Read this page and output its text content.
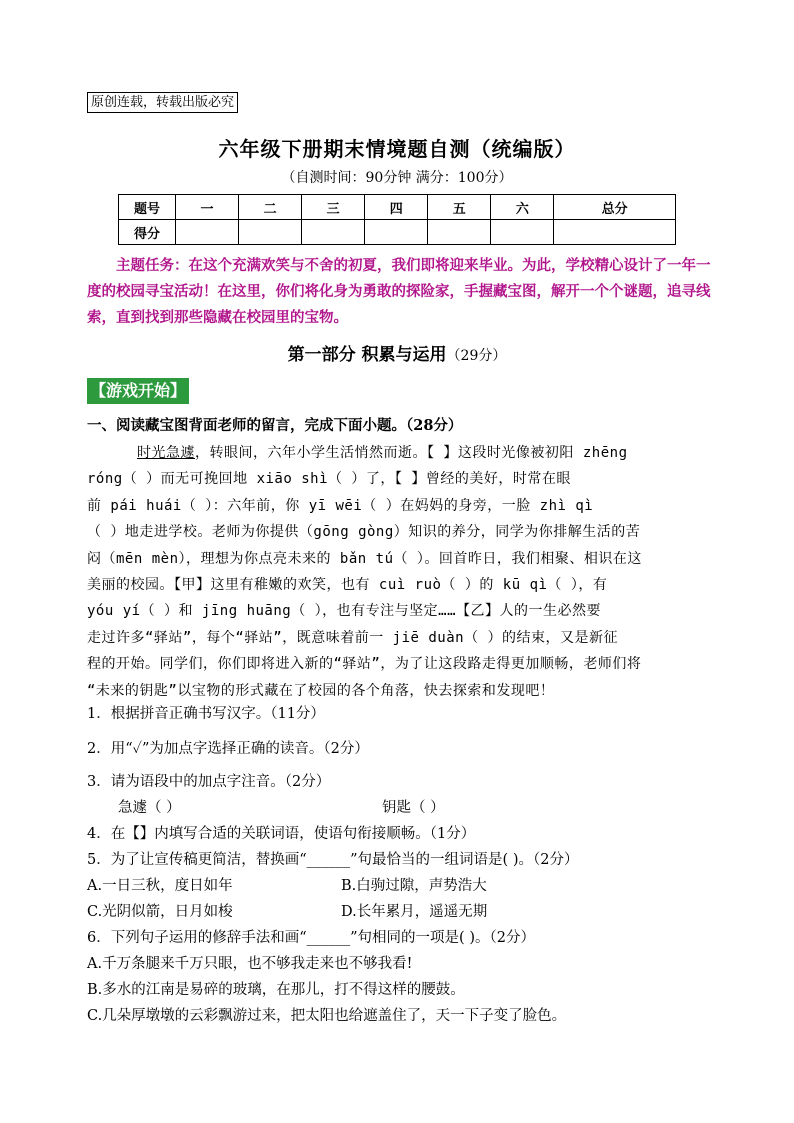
原创连载，转载出版必究
六年级下册期末情境题自测（统编版）
（自测时间：90分钟 满分：100分）
题号	一	二	三	四	五	六	总分
得分							
主题任务：在这个充满欢笑与不舍的初夏，我们即将迎来毕业。为此，学校精心设计了一年一度的校园寻宝活动！在这里，你们将化身为勇敢的探险家，手握藏宝图，解开一个个谜题，追寻线索，直到找到那些隐藏在校园里的宝物。
第一部分 积累与运用（29分）
【游戏开始】
一、阅读藏宝图背面老师的留言，完成下面小题。（28分）
时光急遽，转眼间，六年小学生活悄然而逝。【 】这段时光像被初阳 zhēng
róng（ ）而无可挽回地 xiāo shì（ ）了，【 】曾经的美好，时常在眼
前 pái huái（ ）：六年前，你 yī wēi（ ）在妈妈的身旁，一脸 zhì qì
（ ）地走进学校。老师为你提供（gōng gòng）知识的养分，同学为你排解生活的苦
闷（mēn mèn），理想为你点亮未来的 bǎn tú（ ）。回首昨日，我们相聚、相识在这
美丽的校园。【甲】这里有稚嫩的欢笑，也有 cuì ruò（ ）的 kū qì（ ），有
yóu yí（ ）和 jīng huāng（ ），也有专注与坚定……【乙】人的一生必然要
走过许多“驿站”，每个“驿站”，既意味着前一 jiē duàn（ ）的结束，又是新征
程的开始。同学们，你们即将进入新的“驿站”，为了让这段路走得更加顺畅，老师们将
“未来的钥匙”以宝物的形式藏在了校园的各个角落，快去探索和发现吧！
1．根据拼音正确书写汉字。（11分）
2．用“✓”为加点字选择正确的读音。（2分）
3．请为语段中的加点字注音。（2分）
急遽（ ）	钥匙（ ）
4．在【】内填写合适的关联词语，使语句衔接顺畅。（1分）
5．为了让宣传稿更简洁，替换画“______”句最恰当的一组词语是( )。（2分）
A.一日三秋，度日如年	B.白驹过隙，声势浩大
C.光阴似箭，日月如梭	D.长年累月，遥遥无期
6．下列句子运用的修辞手法和画“______”句相同的一项是( )。（2分）
A.千万条腿来千万只眼，也不够我走来也不够我看!
B.多水的江南是易碎的玻璃，在那儿，打不得这样的腰鼓。
C.几朵厚墩墩的云彩飘游过来，把太阳也给遮盖住了，天一下子变了脸色。
